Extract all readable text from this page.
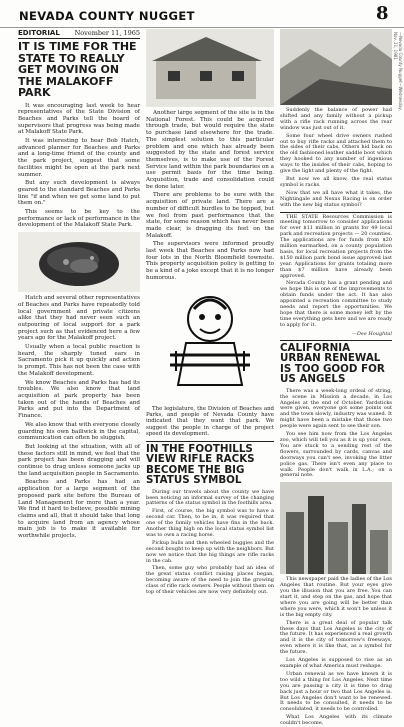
NEVADA COUNTY NUGGET	8
—Nevada County Nugget—Wednesday, Nov. 11, 1981
EDITORIAL November 11, 1965
IT IS TIME FOR THE STATE TO REALLY GET MOVING ON THE MALAKOFF PARK

It was encouraging last week to hear representatives of the State Division of Beaches and Parks tell the board of supervisors that progress was being made at Malakoff State Park.

It was interesting to hear Bob Hatch, advanced planner for Beaches and Parks and a long-time friend of the county and the park project, suggest that some facilities might be open at the park next summer.

But any such development is always geared to the standard Beaches and Parks line "if and when we get some land to put them on."

This seems to be key to the performance or lack of performance in the development of the Malakoff State Park.

Hatch and several other representatives of Beaches and Parks have repeatedly told local government and private citizens alike that they had never seen such an outpouring of local support for a park project such as that evidenced here a few years ago for the Malakoff project.

Usually when a local public reaction is heard, the sharply tuned ears in Sacramento pick it up quickly and action is prompt. This has not been the case with the Malakoff development.

We know Beaches and Parks has had its troubles. We also know that land acquisition at park property has been taken out of the hands of Beaches and Parks and put into the Department of Finance.

We also know that with everyone closely guarding his own bailiwick in the capital, communication can often be sluggish.

But looking at the situation, with all of these factors still in mind, we feel that the park project has been dragging and will continue to drag unless someone jacks up the land acquisition people in Sacramento.

Beaches and Parks has had an application for a large segment of the proposed park site before the Bureau of Land Management for more than a year. We find it hard to believe, possible mining claims and all, that it should take that long to acquire land from an agency whose main job is to make it available for worthwhile projects.

Another large segment of the site is in the National Forest. This could be acquired through trade, but would require the state to purchase land elsewhere for the trade. The simplest solution to this particular problem and one which has already been suggested by the state and forest service themselves, is to make use of the Forest Service land within the park boundaries on a use permit basis for the time being. Acquisition, trade and consolidation could be done later.

There are problems to be sure with the acquisition of private land. There are a number of difficult hurdles to be topped, but we feel from past performance that the state, for some reason which has never been made clear, is dragging its feet on the Malakoff.

The supervisors were informed proudly last week that Beaches and Parks now had four lots in the North Bloomfield townsite. This property acquisition policy is getting to be a kind of a joke except that it is no longer humorous.

The legislature, the Division of Beaches and Parks, and people of Nevada County have indicated that they want that park. We suggest the people in charge of the project speed its development.

IN THE FOOTHILLS VIEW RIFLE RACKS BECOME THE BIG STATUS SYMBOL

During our travels about the county we have been noticing an informal survey of the changing patterns of the status symbol in the foothills area.

First, of course, the big symbol was to have a second car. Then, to be in, it was required that one of the family vehicles have fins in the back. Another thing high on the local status symbol list was to own a racing horse.

Pickup bulls and then wheeled buggies and the second bought to keep up with the neighbors. But now we notice that the big things are rifle racks in the cab.

Then, some guy who probably had an idea of the great status conflict raising places began, becoming aware of the need to join the growing class of rifle rack owners. People without them on top of their vehicles are now very definitely out.

Suddenly the balance of power had shifted and any family without a pickup with a rifle rack running across the rear window was just out of it.

Some four wheel drive owners rushed out to buy rifle racks and attached them to the sides of their cabs. Others hid back on the old fashioned leather saddle boot which they hooked to any number of ingenious ways to the insides of their cabs, hoping to give the light and plenty of the fight.

But now we all know, the real status symbol is racks.

Now that we all have what it takes, the Nightingale and Nexus Racing is on order with the new big status symbol?

THE STATE Resources Commission is meeting tomorrow to consider applications for over $11 million in grants for 49 local park and recreation projects — 20 counties. The applications are for funds from $20 million earmarked, on a county population basis, for local recreation projects from the $150 million park bond issue approved last year. Applications for grants totaling more than $7 million have already been approved.

Nevada County has a grant pending and we hope this is one of the improvements to obtain funds under the act. It has also appointed a recreation committee to study needs and report the opportunities. We hope that there is some money left by the time everything gets here and we are ready to apply for it.

—Dee Houghtal
CALIFORNIA URBAN RENEWAL IS TOO GOOD FOR US ANGELS

There was a week-long ordeal of string, the scene in Mission a decade, in Los Angeles at the end of October. Yardsticks were given, everyone got some points out and the town slowly, industry was waned. It might have been a mistake that those two people were again sent to see their son.

You see him now from the Los Angeles zoo, which will tell you as it is up your own. You are stuck to a sending rest of the flowers, surrounded by cards, canvas and doorways you can't see, invoking the litter police gas. There isn't even any place to walk. People don't walk in L.A.; on a general note.

This newspaper paid the ladies of the Los Angeles that routine. But your eyes give you the illusion that you are free. You can start it, and step on the gas, and hope that where you are going will be better than where you were, which it won't be unless it is the big empty city.

There is a great deal of popular talk these days that Los Angeles is the city of the future. It has experienced a real growth and it is the city of tomorrow's freeways, even where it is like that, as a symbol for the future.

Los Angeles is supposed to rise as an example of what America must reshape.

Urban renewal as we have known it is too wild a thing for Los Angeles. Next time you are passing a city it is time to drag back just a hour or two that Los Angeles is. But Los Angeles don't want to be renewed. It needs to be consulted, it needs to be consolidated, it needs to be controlled.

What Los Angeles with its climate couldn't become,
